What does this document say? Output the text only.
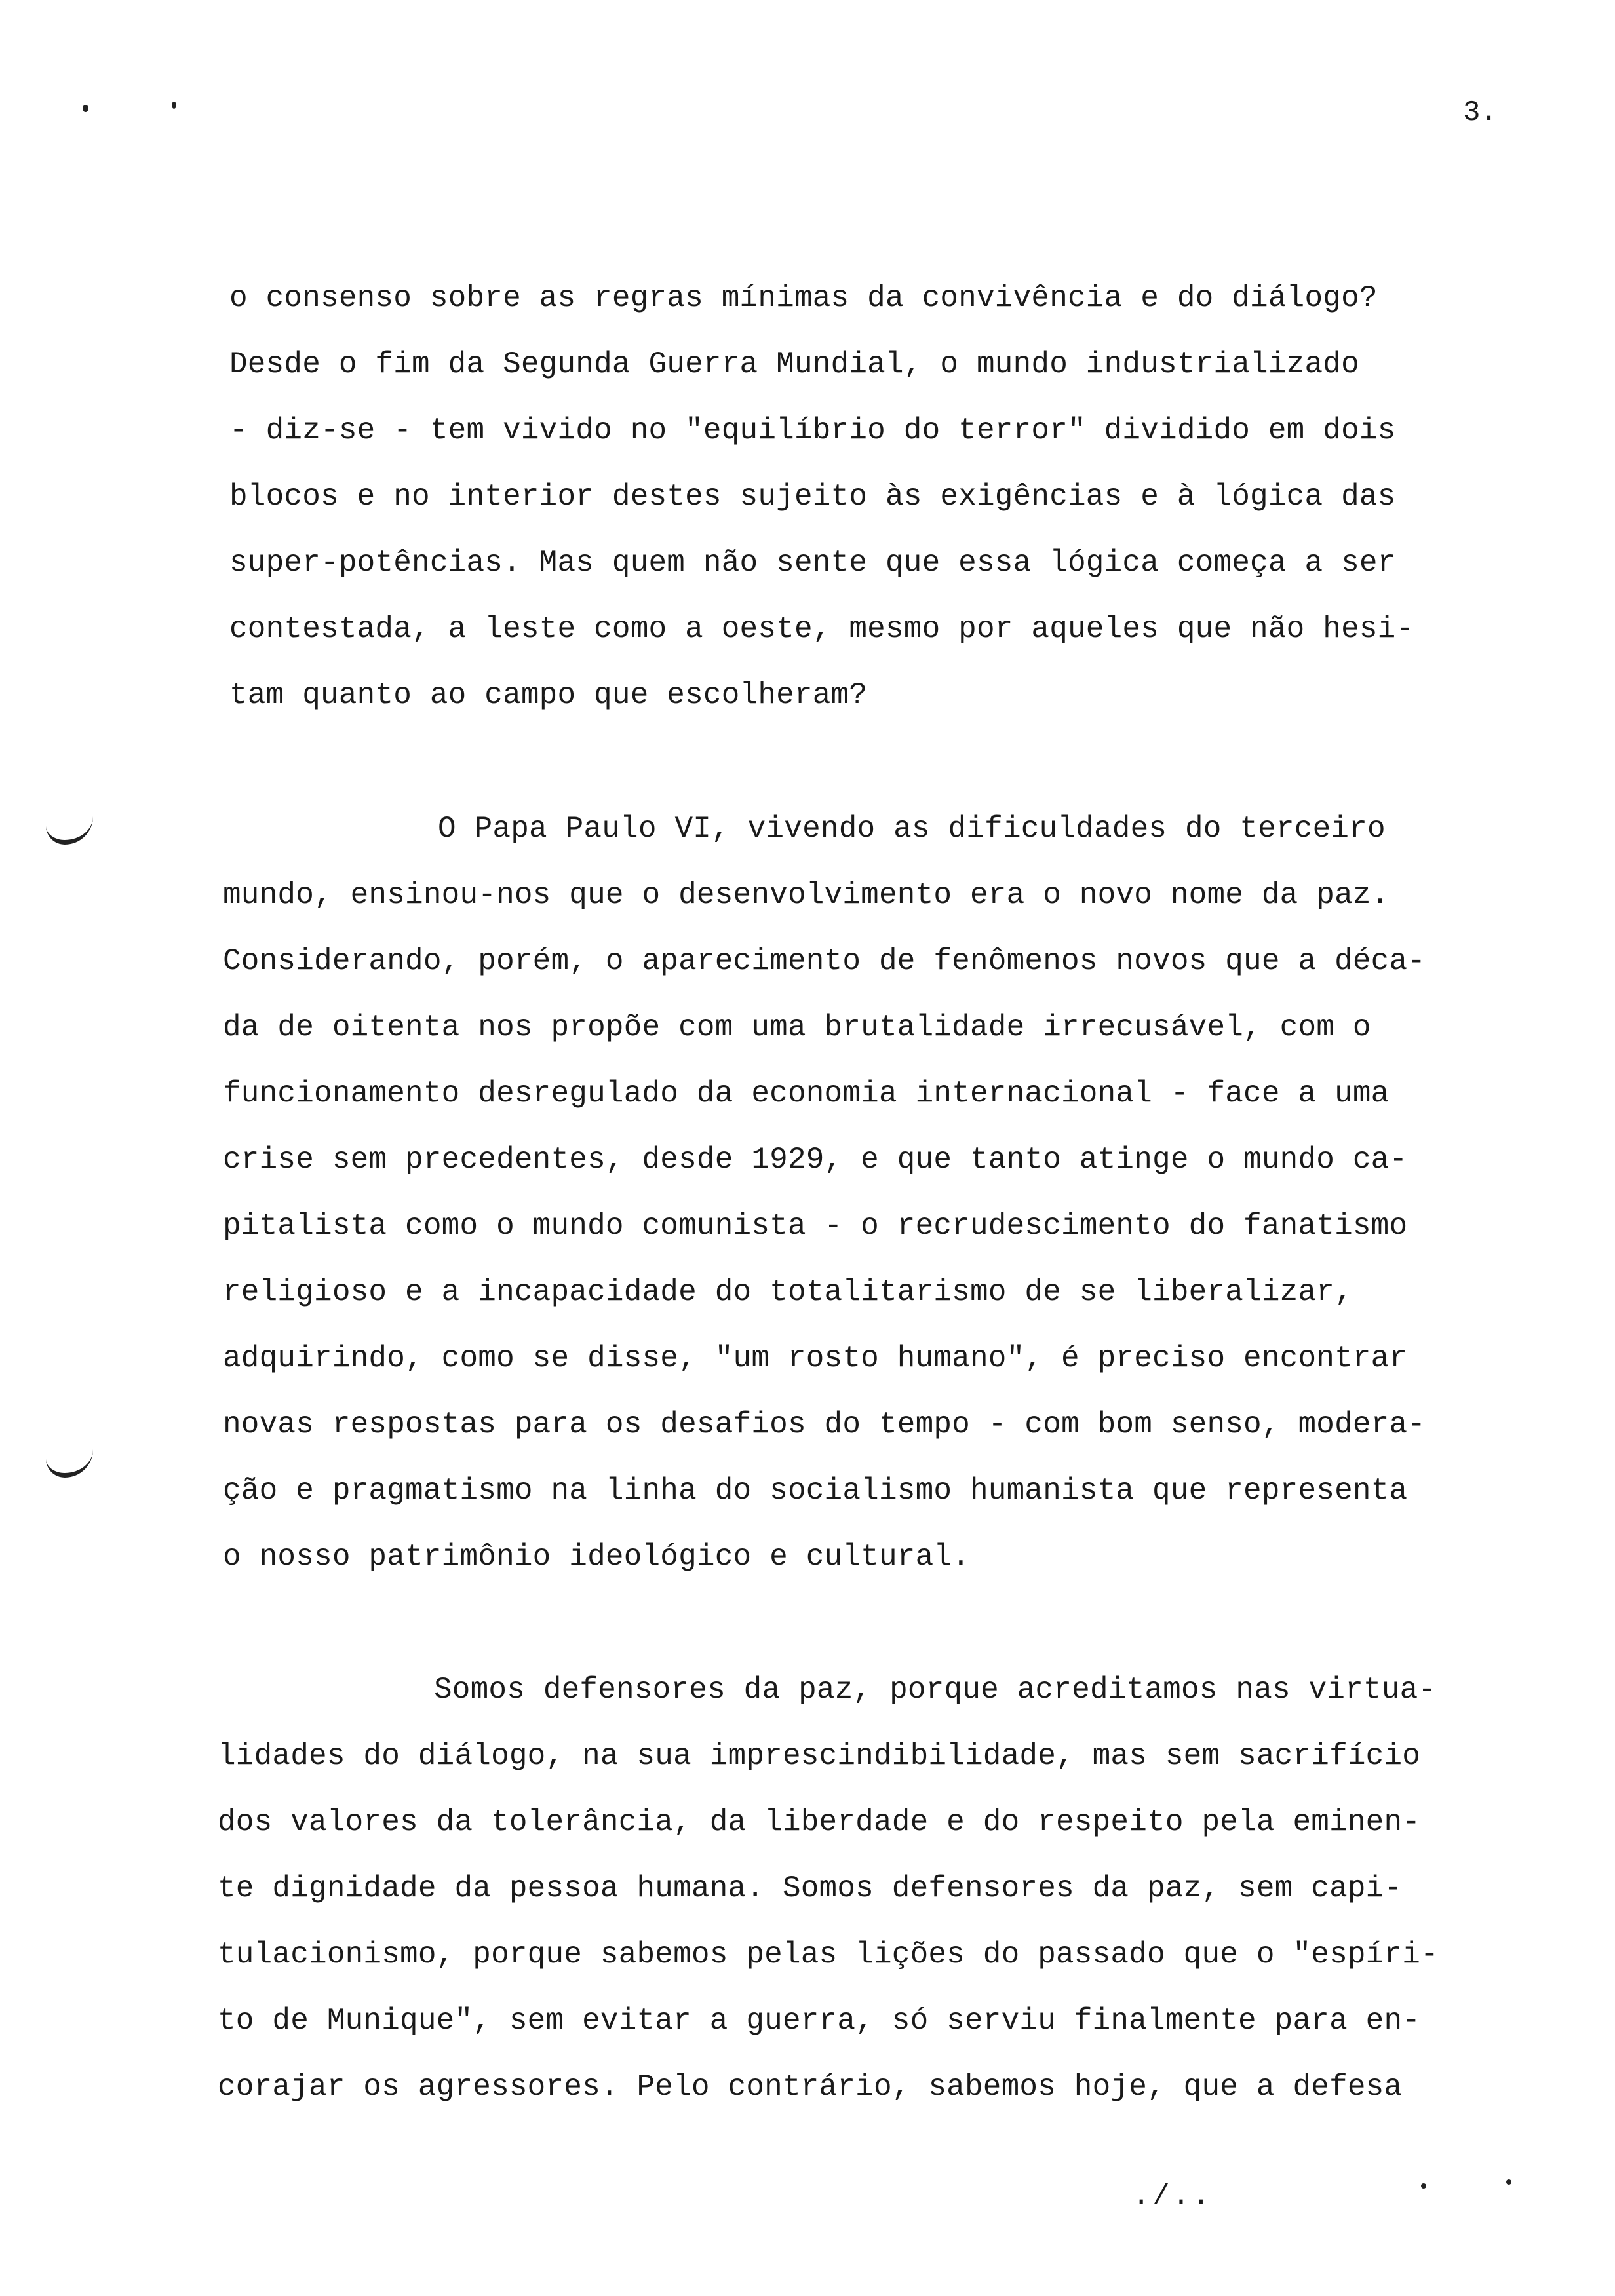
3.
o consenso sobre as regras mínimas da convivência e do diálogo?
Desde o fim da Segunda Guerra Mundial, o mundo industrializado
- diz-se - tem vivido no "equilíbrio do terror" dividido em dois
blocos e no interior destes sujeito às exigências e à lógica das
super-potências. Mas quem não sente que essa lógica começa a ser
contestada, a leste como a oeste, mesmo por aqueles que não hesi-
tam quanto ao campo que escolheram?
O Papa Paulo VI, vivendo as dificuldades do terceiro
mundo, ensinou-nos que o desenvolvimento era o novo nome da paz.
Considerando, porém, o aparecimento de fenômenos novos que a déca-
da de oitenta nos propõe com uma brutalidade irrecusável, com o
funcionamento desregulado da economia internacional - face a uma
crise sem precedentes, desde 1929, e que tanto atinge o mundo ca-
pitalista como o mundo comunista - o recrudescimento do fanatismo
religioso e a incapacidade do totalitarismo de se liberalizar,
adquirindo, como se disse, "um rosto humano", é preciso encontrar
novas respostas para os desafios do tempo - com bom senso, modera-
ção e pragmatismo na linha do socialismo humanista que representa
o nosso patrimônio ideológico e cultural.
Somos defensores da paz, porque acreditamos nas virtua-
lidades do diálogo, na sua imprescindibilidade, mas sem sacrifício
dos valores da tolerância, da liberdade e do respeito pela eminen-
te dignidade da pessoa humana. Somos defensores da paz, sem capi-
tulacionismo, porque sabemos pelas lições do passado que o "espíri-
to de Munique", sem evitar a guerra, só serviu finalmente para en-
corajar os agressores. Pelo contrário, sabemos hoje, que a defesa
./..
